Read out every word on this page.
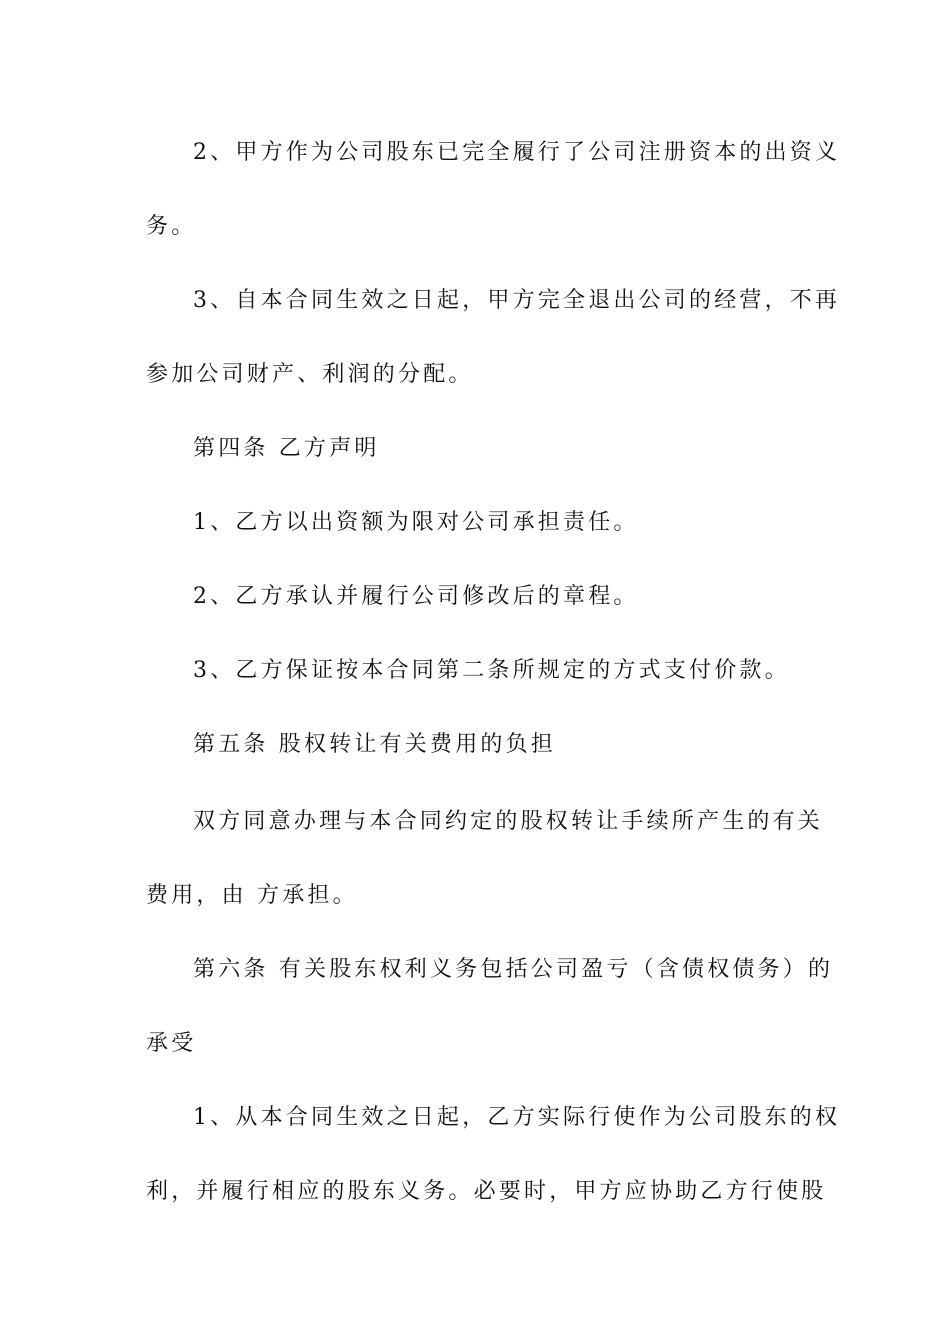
2、甲方作为公司股东已完全履行了公司注册资本的出资义
务。
3、自本合同生效之日起，甲方完全退出公司的经营，不再
参加公司财产、利润的分配。
第四条 乙方声明
1、乙方以出资额为限对公司承担责任。
2、乙方承认并履行公司修改后的章程。
3、乙方保证按本合同第二条所规定的方式支付价款。
第五条 股权转让有关费用的负担
双方同意办理与本合同约定的股权转让手续所产生的有关
费用，由 方承担。
第六条 有关股东权利义务包括公司盈亏（含债权债务）的
承受
1、从本合同生效之日起，乙方实际行使作为公司股东的权
利，并履行相应的股东义务。必要时，甲方应协助乙方行使股
